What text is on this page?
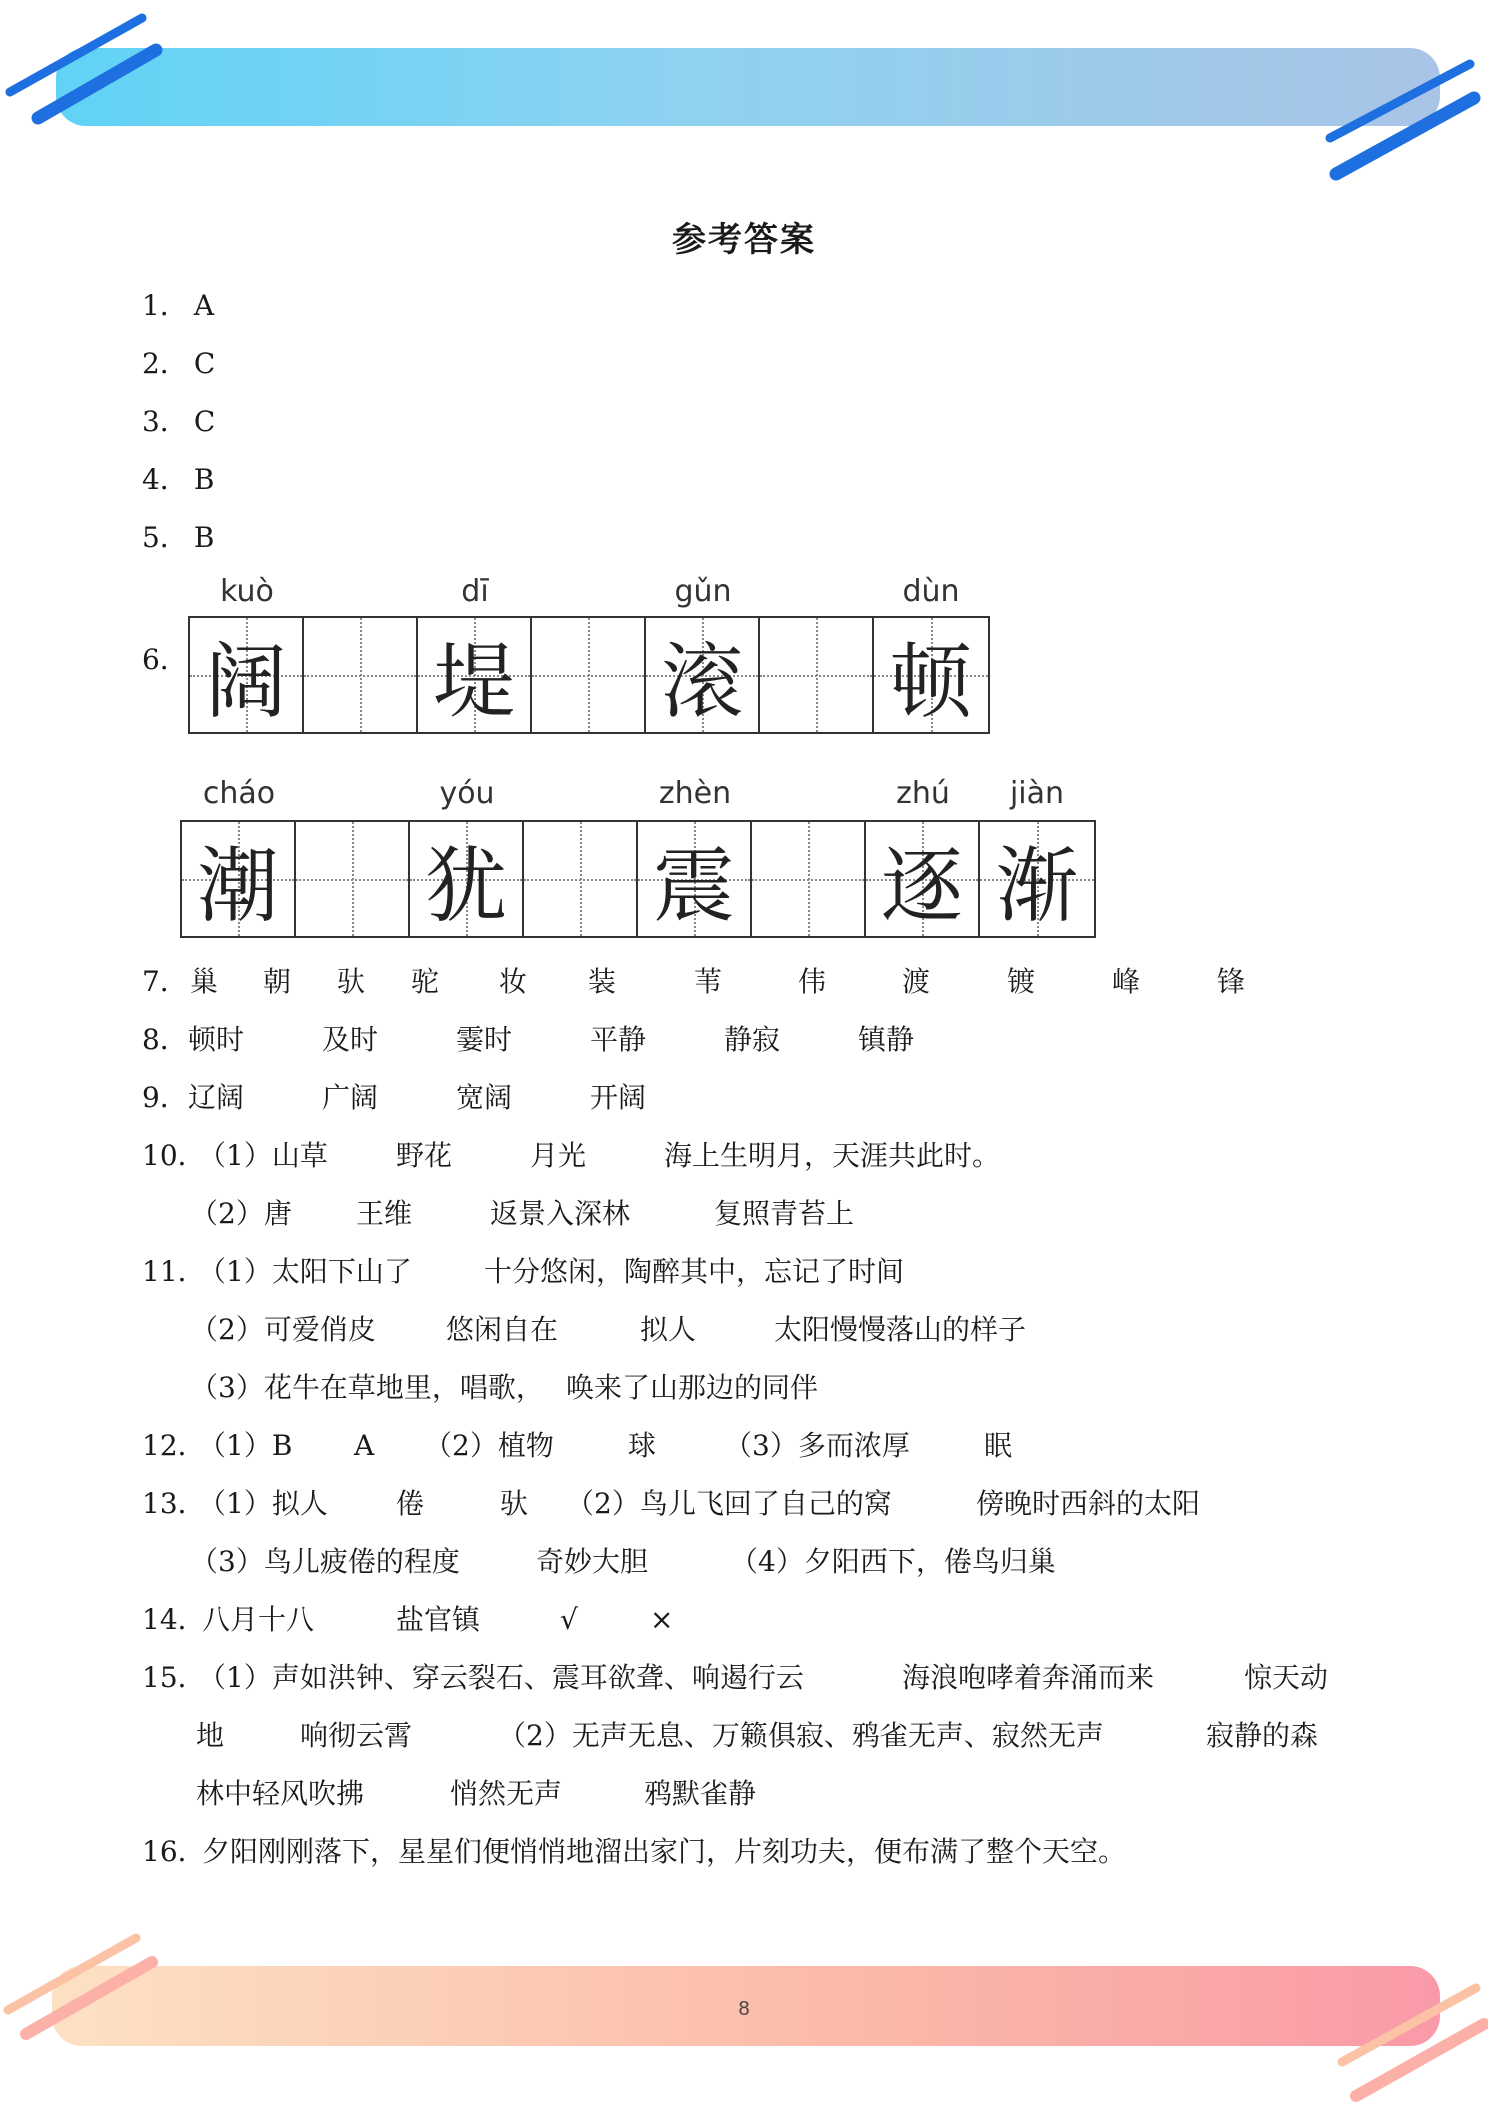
参考答案
1． A
2． C
3． C
4． B
5． B
6．
kuò	dī	gǔn	dùn
阔 堤 滚 顿
cháo	yóu	zhèn	zhú	jiàn
潮 犹 震 逐 渐
7． 巢 朝 驮 驼 妆 装	苇	伟	渡	镀	峰	锋
8． 顿时	及时	霎时	平静	静寂	镇静
9． 辽阔	广阔	宽阔	开阔
10．
（1）山草 野花	月光	海上生明月，天涯共此时。
（2）唐 王维	返景入深林	复照青苔上
11．
（1）太阳下山了	十分悠闲，陶醉其中，忘记了时间
（2）可爱俏皮	悠闲自在	拟人	太阳慢慢落山的样子
（3）花牛在草地里，唱歌， 唤来了山那边的同伴
12．
（1）B A （2）植物	球 （3）多而浓厚	眠
13．
（1）拟人 倦	驮 （2）鸟儿飞回了自己的窝	傍晚时西斜的太阳
（3）鸟儿疲倦的程度	奇妙大胆	（4）夕阳西下，倦鸟归巢
14．
八月十八	盐官镇	√	×
15．
（1）声如洪钟、穿云裂石、震耳欲聋、响遏行云	海浪咆哮着奔涌而来	惊天动
地	响彻云霄	（2）无声无息、万籁俱寂、鸦雀无声、寂然无声	寂静的森
林中轻风吹拂	悄然无声	鸦默雀静
16．
夕阳刚刚落下，星星们便悄悄地溜出家门，片刻功夫，便布满了整个天空。
8
